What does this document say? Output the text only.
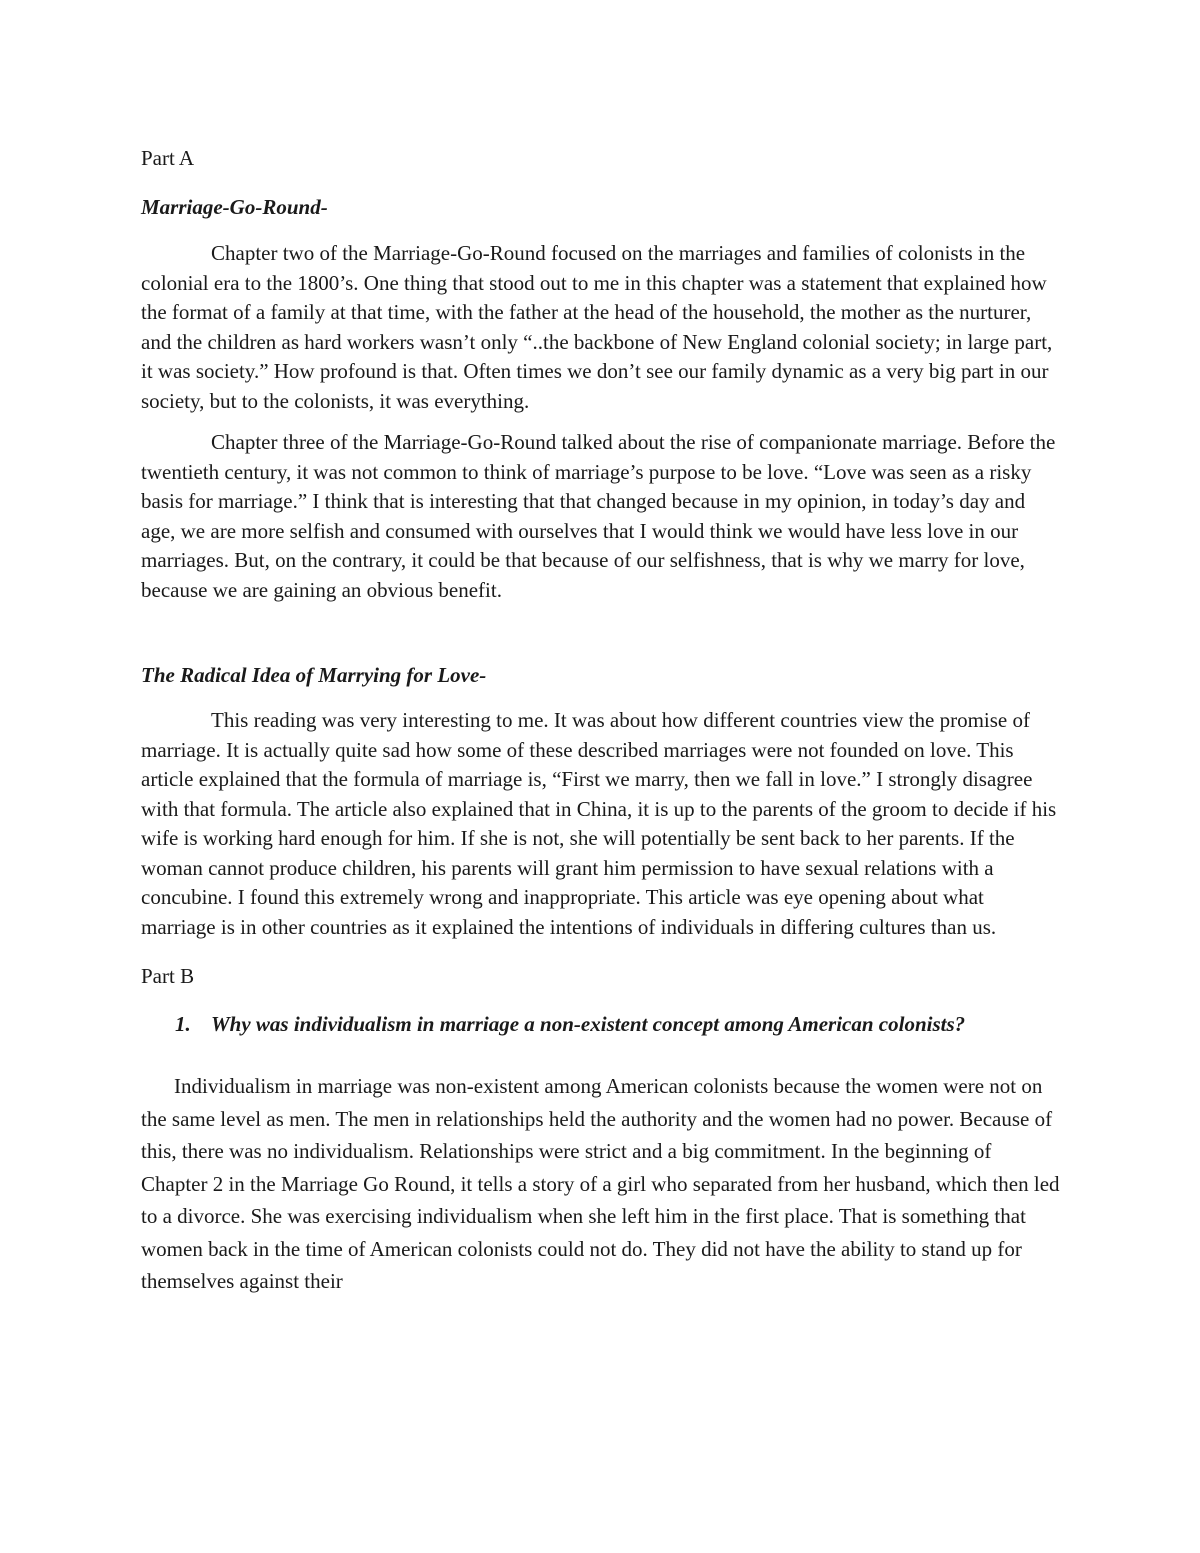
Part A

Marriage-Go-Round-

Chapter two of the Marriage-Go-Round focused on the marriages and families of colonists in the colonial era to the 1800’s. One thing that stood out to me in this chapter was a statement that explained how the format of a family at that time, with the father at the head of the household, the mother as the nurturer, and the children as hard workers wasn’t only “..the backbone of New England colonial society; in large part, it was society.” How profound is that. Often times we don’t see our family dynamic as a very big part in our society, but to the colonists, it was everything.

Chapter three of the Marriage-Go-Round talked about the rise of companionate marriage. Before the twentieth century, it was not common to think of marriage’s purpose to be love. “Love was seen as a risky basis for marriage.” I think that is interesting that that changed because in my opinion, in today’s day and age, we are more selfish and consumed with ourselves that I would think we would have less love in our marriages. But, on the contrary, it could be that because of our selfishness, that is why we marry for love, because we are gaining an obvious benefit.

The Radical Idea of Marrying for Love-

This reading was very interesting to me. It was about how different countries view the promise of marriage. It is actually quite sad how some of these described marriages were not founded on love. This article explained that the formula of marriage is, “First we marry, then we fall in love.” I strongly disagree with that formula. The article also explained that in China, it is up to the parents of the groom to decide if his wife is working hard enough for him. If she is not, she will potentially be sent back to her parents. If the woman cannot produce children, his parents will grant him permission to have sexual relations with a concubine. I found this extremely wrong and inappropriate. This article was eye opening about what marriage is in other countries as it explained the intentions of individuals in differing cultures than us.

Part B

1. Why was individualism in marriage a non-existent concept among American colonists?

Individualism in marriage was non-existent among American colonists because the women were not on the same level as men. The men in relationships held the authority and the women had no power. Because of this, there was no individualism. Relationships were strict and a big commitment. In the beginning of Chapter 2 in the Marriage Go Round, it tells a story of a girl who separated from her husband, which then led to a divorce. She was exercising individualism when she left him in the first place. That is something that women back in the time of American colonists could not do. They did not have the ability to stand up for themselves against their
